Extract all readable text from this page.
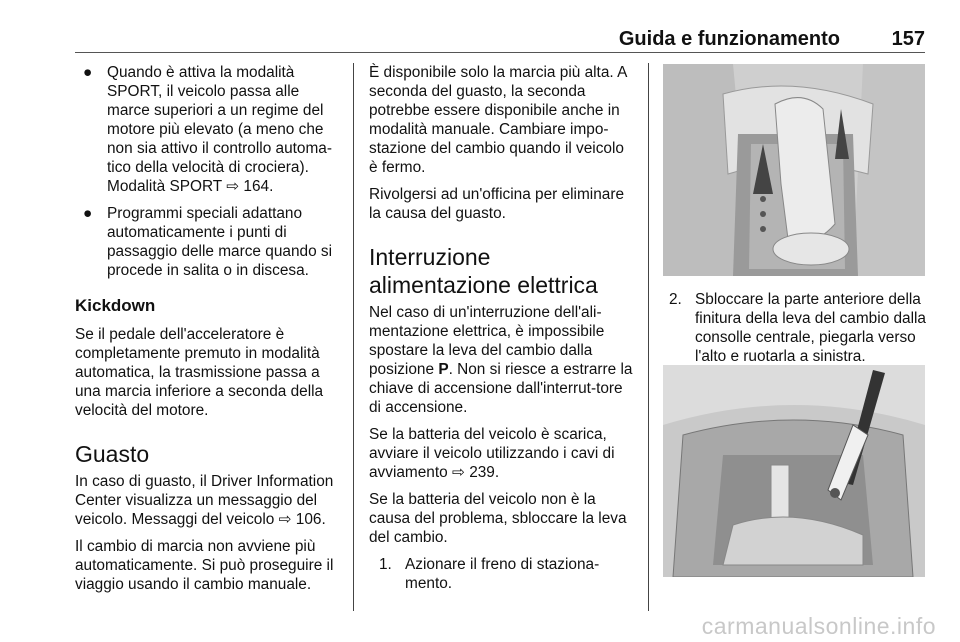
Guida e funzionamento	157
● Quando è attiva la modalità SPORT, il veicolo passa alle marce superiori a un regime del motore più elevato (a meno che non sia attivo il controllo automa-tico della velocità di crociera). Modalità SPORT ⇨ 164.
● Programmi speciali adattano automaticamente i punti di passaggio delle marce quando si procede in salita o in discesa.
Kickdown

Se il pedale dell'acceleratore è completamente premuto in modalità automatica, la trasmissione passa a una marcia inferiore a seconda della velocità del motore.

Guasto

In caso di guasto, il Driver Information Center visualizza un messaggio del veicolo. Messaggi del veicolo ⇨ 106.

Il cambio di marcia non avviene più automaticamente. Si può proseguire il viaggio usando il cambio manuale.

È disponibile solo la marcia più alta. A seconda del guasto, la seconda potrebbe essere disponibile anche in modalità manuale. Cambiare impo-stazione del cambio quando il veicolo è fermo.

Rivolgersi ad un'officina per eliminare la causa del guasto.

Interruzione alimentazione elettrica

Nel caso di un'interruzione dell'ali-mentazione elettrica, è impossibile spostare la leva del cambio dalla posizione P. Non si riesce a estrarre la chiave di accensione dall'interrut-tore di accensione.

Se la batteria del veicolo è scarica, avviare il veicolo utilizzando i cavi di avviamento ⇨ 239.

Se la batteria del veicolo non è la causa del problema, sbloccare la leva del cambio.

1. Azionare il freno di staziona-mento.
2. Sbloccare la parte anteriore della finitura della leva del cambio dalla consolle centrale, piegarla verso l'alto e ruotarla a sinistra.
carmanualsonline.info
